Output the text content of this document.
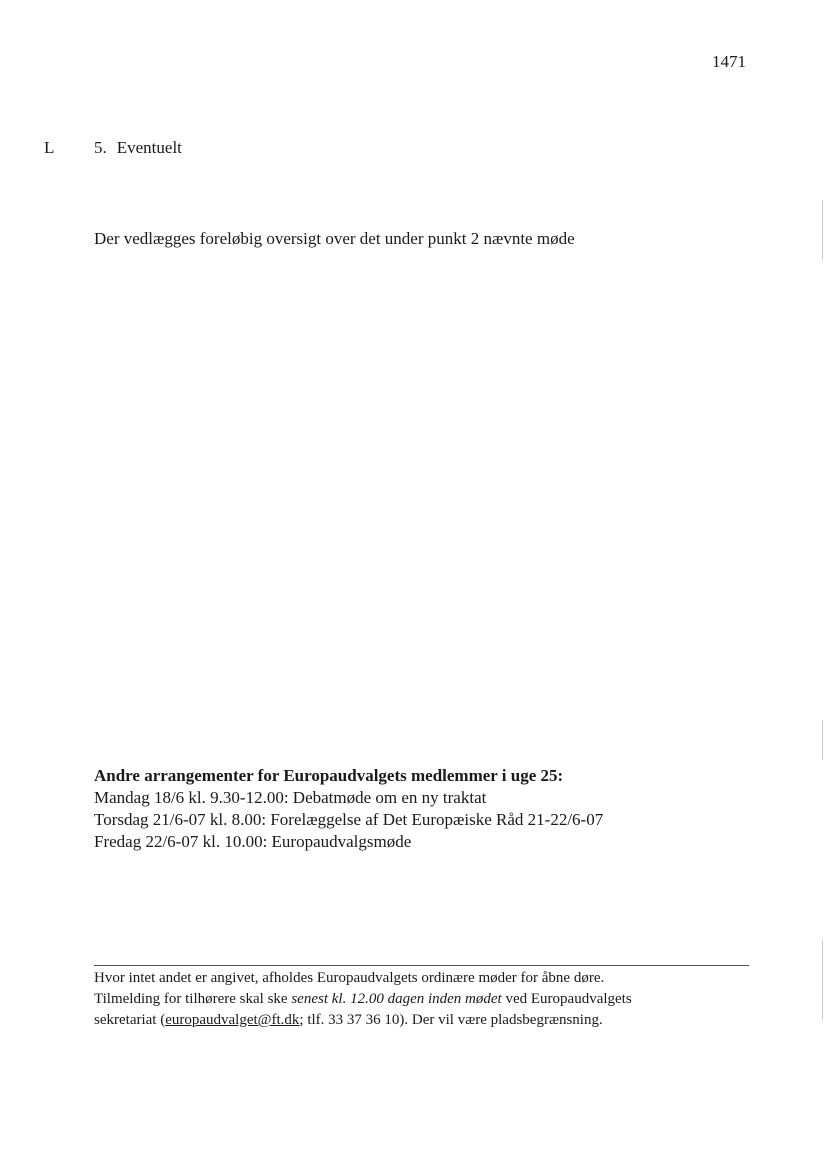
1471
L 5. Eventuelt
Der vedlægges foreløbig oversigt over det under punkt 2 nævnte møde
Andre arrangementer for Europaudvalgets medlemmer i uge 25:
Mandag 18/6 kl. 9.30-12.00: Debatmøde om en ny traktat
Torsdag 21/6-07 kl. 8.00: Forelæggelse af Det Europæiske Råd 21-22/6-07
Fredag 22/6-07 kl. 10.00: Europaudvalgsmøde
Hvor intet andet er angivet, afholdes Europaudvalgets ordinære møder for åbne døre.
Tilmelding for tilhørere skal ske senest kl. 12.00 dagen inden mødet ved Europaudvalgets
sekretariat (europaudvalget@ft.dk; tlf. 33 37 36 10). Der vil være pladsbegrænsning.
